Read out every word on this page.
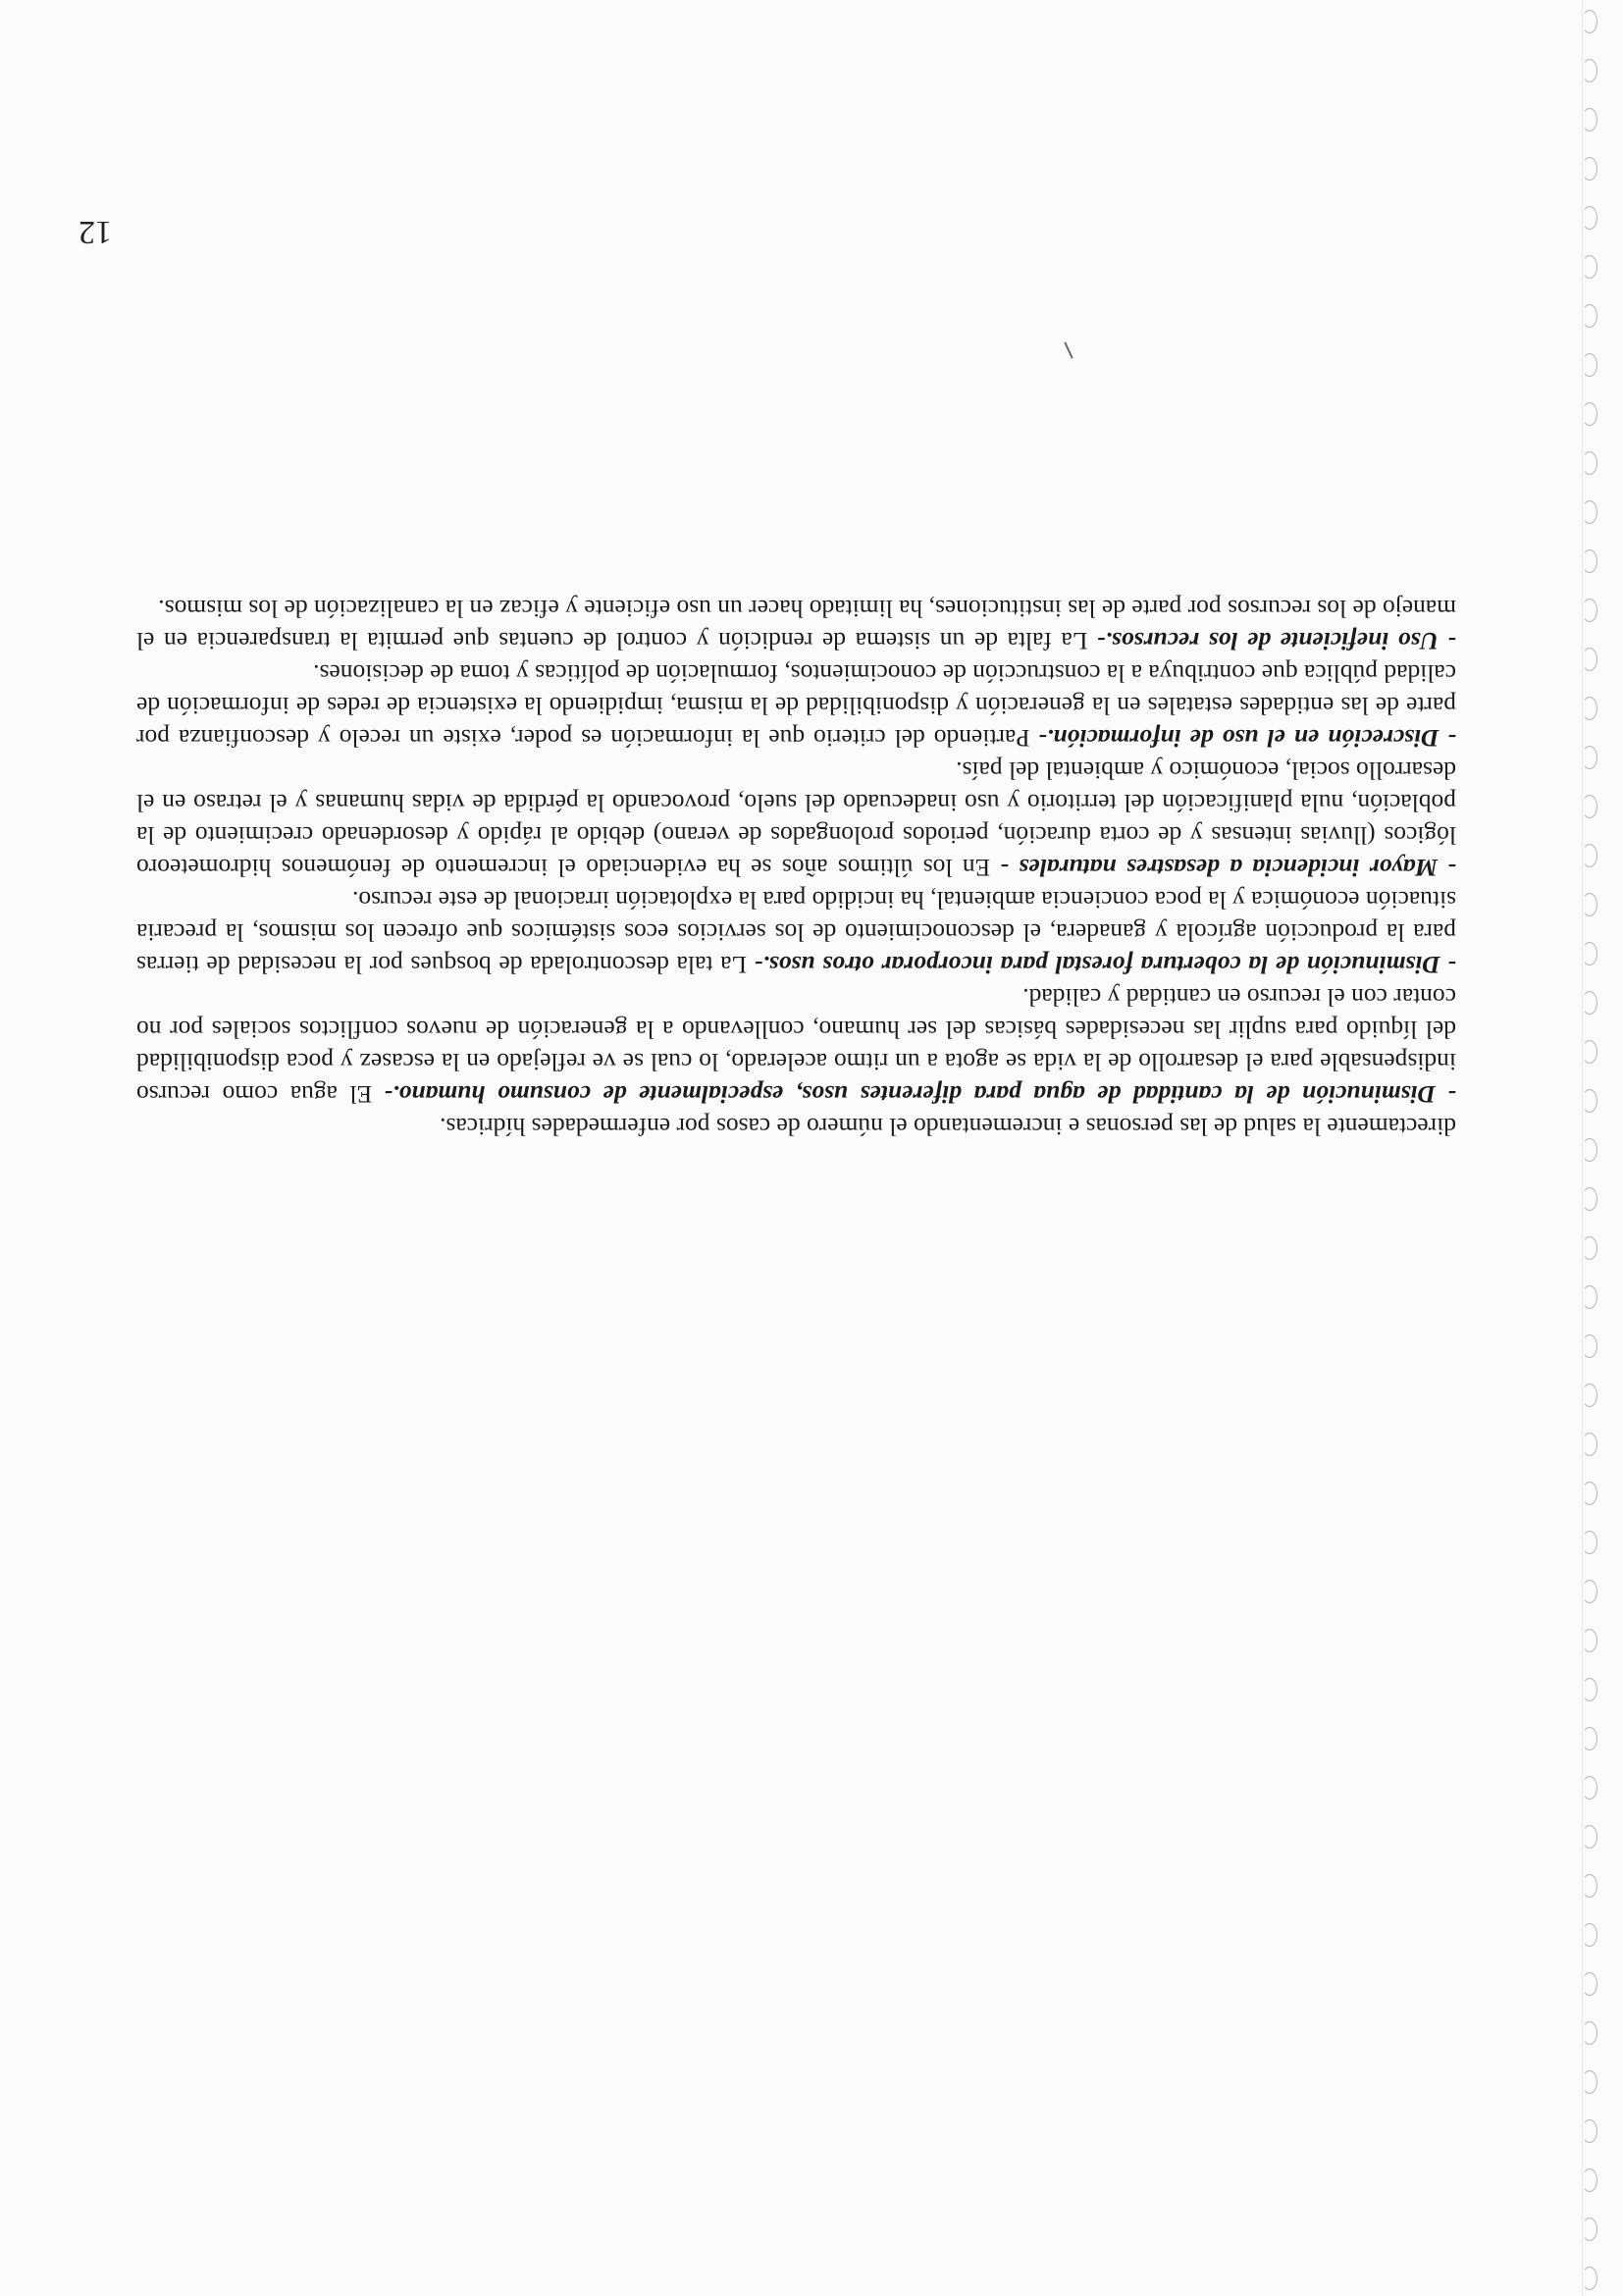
12

directamente la salud de las personas e incrementando el número de casos por enfermedades hídricas.

- Disminución de la cantidad de agua para diferentes usos, especialmente de consumo humano.- El agua como recurso indispensable para el desarrollo de la vida se agota a un ritmo acelerado, lo cual se ve reflejado en la escasez y poca disponibilidad del líquido para suplir las necesidades básicas del ser humano, conllevando a la generación de nuevos conflictos sociales por no contar con el recurso en cantidad y calidad.

- Disminución de la cobertura forestal para incorporar otros usos.- La tala descontrolada de bosques por la necesidad de tierras para la producción agrícola y ganadera, el desconocimiento de los servicios ecos sistémicos que ofrecen los mismos, la precaria situación económica y la poca conciencia ambiental, ha incidido para la explotación irracional de este recurso.

- Mayor incidencia a desastres naturales - En los últimos años se ha evidenciado el incremento de fenómenos hidrometeoro lógicos (lluvias intensas y de corta duración, periodos prolongados de verano) debido al rápido y desordenado crecimiento de la población, nula planificación del territorio y uso inadecuado del suelo, provocando la pérdida de vidas humanas y el retraso en el desarrollo social, económico y ambiental del país.

- Discreción en el uso de información.- Partiendo del criterio que la información es poder, existe un recelo y desconfianza por parte de las entidades estatales en la generación y disponibilidad de la misma, impidiendo la existencia de redes de información de calidad pública que contribuya a la construcción de conocimientos, formulación de políticas y toma de decisiones.

- Uso ineficiente de los recursos.- La falta de un sistema de rendición y control de cuentas que permita la transparencia en el manejo de los recursos por parte de las instituciones, ha limitado hacer un uso eficiente y eficaz en la canalización de los mismos.
